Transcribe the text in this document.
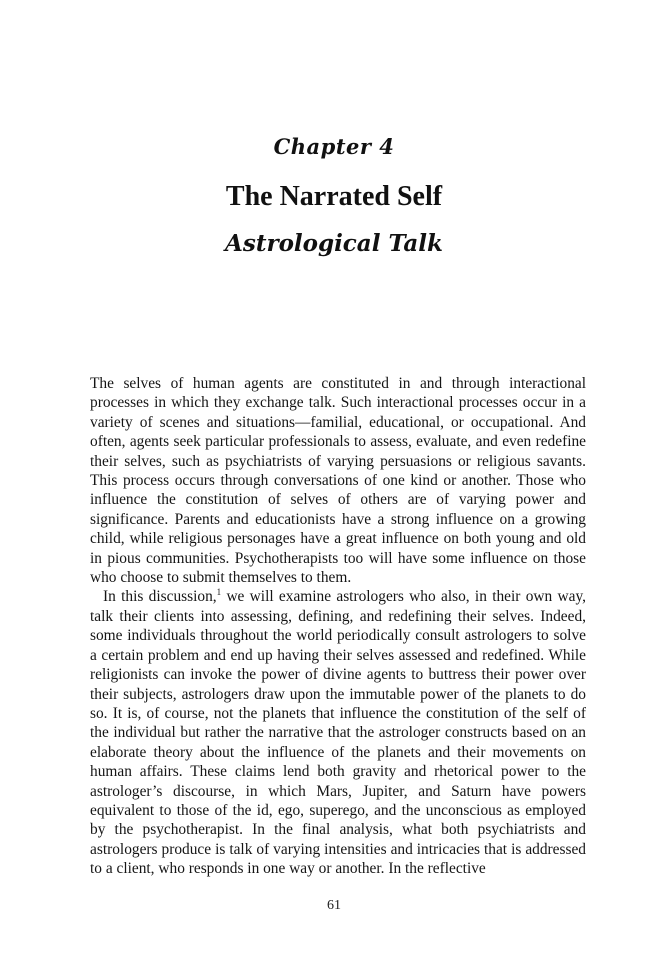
Chapter 4
The Narrated Self
Astrological Talk

The selves of human agents are constituted in and through interactional processes in which they exchange talk. Such interactional processes occur in a variety of scenes and situations—familial, educational, or occupational. And often, agents seek particular professionals to assess, evaluate, and even redefine their selves, such as psychiatrists of varying persuasions or religious savants. This process occurs through conversations of one kind or another. Those who influence the constitution of selves of others are of varying power and significance. Parents and educationists have a strong influence on a growing child, while religious personages have a great influence on both young and old in pious communities. Psychotherapists too will have some influence on those who choose to submit themselves to them.

In this discussion,$^1$ we will examine astrologers who also, in their own way, talk their clients into assessing, defining, and redefining their selves. Indeed, some individuals throughout the world periodically consult astrologers to solve a certain problem and end up having their selves assessed and redefined. While religionists can invoke the power of divine agents to buttress their power over their subjects, astrologers draw upon the immutable power of the planets to do so. It is, of course, not the planets that influence the constitution of the self of the individual but rather the narrative that the astrologer constructs based on an elaborate theory about the influence of the planets and their movements on human affairs. These claims lend both gravity and rhetorical power to the astrologer’s discourse, in which Mars, Jupiter, and Saturn have powers equivalent to those of the id, ego, superego, and the unconscious as employed by the psychotherapist. In the final analysis, what both psychiatrists and astrologers produce is talk of varying intensities and intricacies that is addressed to a client, who responds in one way or another. In the reflective

61
